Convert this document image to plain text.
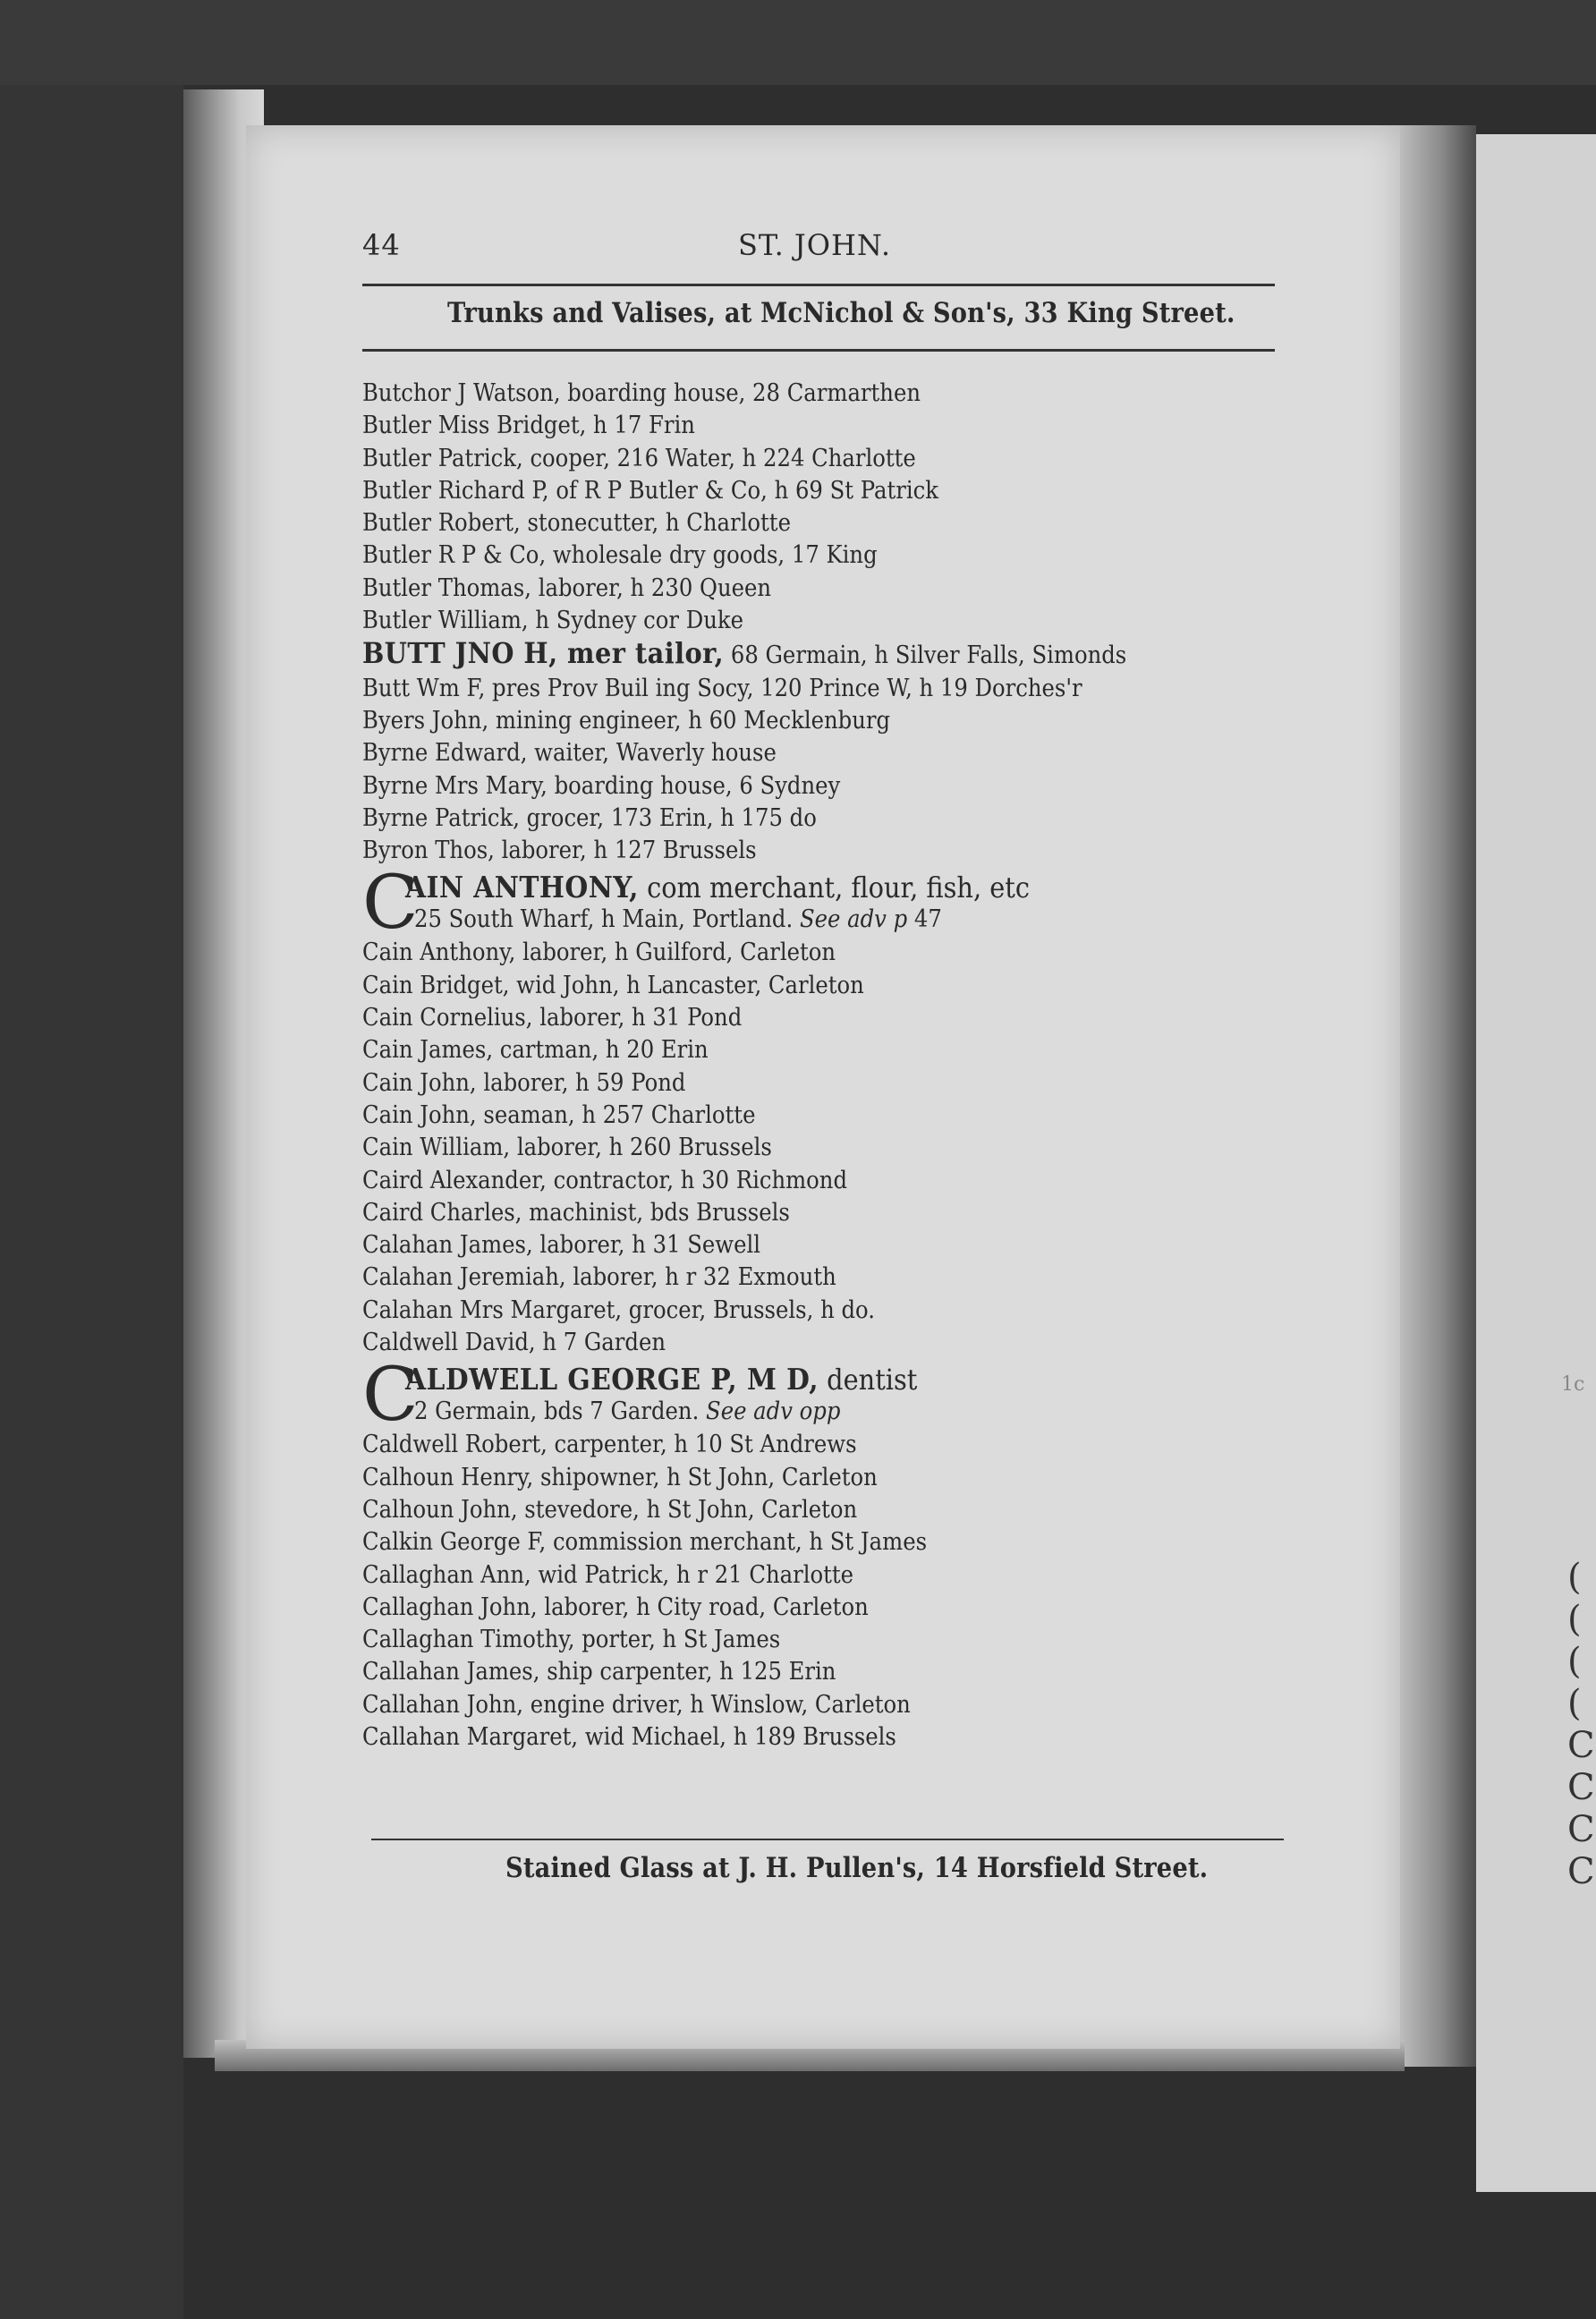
1c
(
(
(
(
C
C
C
C
44	ST. JOHN.
Trunks and Valises, at McNichol & Son's, 33 King Street.
Butchor J Watson, boarding house, 28 Carmarthen
Butler Miss Bridget, h 17 Frin
Butler Patrick, cooper, 216 Water, h 224 Charlotte
Butler Richard P, of R P Butler & Co, h 69 St Patrick
Butler Robert, stonecutter, h Charlotte
Butler R P & Co, wholesale dry goods, 17 King
Butler Thomas, laborer, h 230 Queen
Butler William, h Sydney cor Duke
BUTT JNO H, mer tailor, 68 Germain, h Silver Falls, Simonds
Butt Wm F, pres Prov Buil ing Socy, 120 Prince W, h 19 Dorches'r
Byers John, mining engineer, h 60 Mecklenburg
Byrne Edward, waiter, Waverly house
Byrne Mrs Mary, boarding house, 6 Sydney
Byrne Patrick, grocer, 173 Erin, h 175 do
Byron Thos, laborer, h 127 Brussels
C
AIN ANTHONY, com merchant, flour, fish, etc
25 South Wharf, h Main, Portland. See adv p 47
Cain Anthony, laborer, h Guilford, Carleton
Cain Bridget, wid John, h Lancaster, Carleton
Cain Cornelius, laborer, h 31 Pond
Cain James, cartman, h 20 Erin
Cain John, laborer, h 59 Pond
Cain John, seaman, h 257 Charlotte
Cain William, laborer, h 260 Brussels
Caird Alexander, contractor, h 30 Richmond
Caird Charles, machinist, bds Brussels
Calahan James, laborer, h 31 Sewell
Calahan Jeremiah, laborer, h r 32 Exmouth
Calahan Mrs Margaret, grocer, Brussels, h do.
Caldwell David, h 7 Garden
C
ALDWELL GEORGE P, M D, dentist
2 Germain, bds 7 Garden. See adv opp
Caldwell Robert, carpenter, h 10 St Andrews
Calhoun Henry, shipowner, h St John, Carleton
Calhoun John, stevedore, h St John, Carleton
Calkin George F, commission merchant, h St James
Callaghan Ann, wid Patrick, h r 21 Charlotte
Callaghan John, laborer, h City road, Carleton
Callaghan Timothy, porter, h St James
Callahan James, ship carpenter, h 125 Erin
Callahan John, engine driver, h Winslow, Carleton
Callahan Margaret, wid Michael, h 189 Brussels
Stained Glass at J. H. Pullen's, 14 Horsfield Street.
